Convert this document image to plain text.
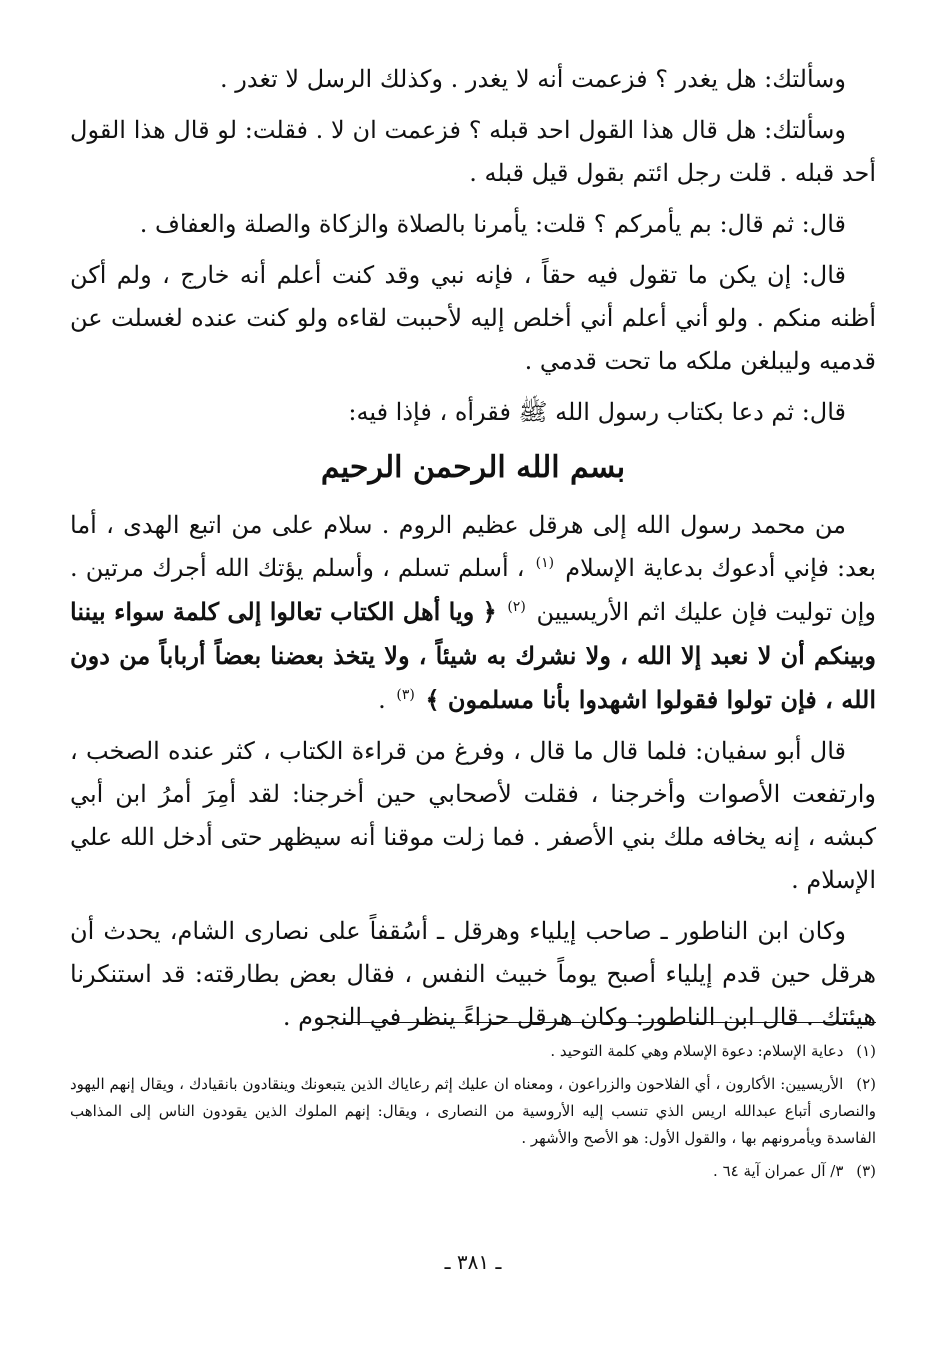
وسألتك: هل يغدر ؟ فزعمت أنه لا يغدر . وكذلك الرسل لا تغدر .

وسألتك: هل قال هذا القول احد قبله ؟ فزعمت ان لا . فقلت: لو قال هذا القول أحد قبله . قلت رجل ائتم بقول قيل قبله .

قال: ثم قال: بم يأمركم ؟ قلت: يأمرنا بالصلاة والزكاة والصلة والعفاف .

قال: إن يكن ما تقول فيه حقاً ، فإنه نبي وقد كنت أعلم أنه خارج ، ولم أكن أظنه منكم . ولو أني أعلم أني أخلص إليه لأحببت لقاءه ولو كنت عنده لغسلت عن قدميه وليبلغن ملكه ما تحت قدمي .

قال: ثم دعا بكتاب رسول الله ﷺ فقرأه ، فإذا فيه:

بسم الله الرحمن الرحيم

من محمد رسول الله إلى هرقل عظيم الروم . سلام على من اتبع الهدى ، أما بعد: فإني أدعوك بدعاية الإسلام $^{(١)}$ ، أسلم تسلم ، وأسلم يؤتك الله أجرك مرتين . وإن توليت فإن عليك اثم الأريسيين $^{(٢)}$ ﴿ ويا أهل الكتاب تعالوا إلى كلمة سواء بيننا وبينكم أن لا نعبد إلا الله ، ولا نشرك به شيئاً ، ولا يتخذ بعضنا بعضاً أرباباً من دون الله ، فإن تولوا فقولوا اشهدوا بأنا مسلمون ﴾ $^{(٣)}$ .

قال أبو سفيان: فلما قال ما قال ، وفرغ من قراءة الكتاب ، كثر عنده الصخب ، وارتفعت الأصوات وأخرجنا ، فقلت لأصحابي حين أخرجنا: لقد أمِرَ أمرُ ابن أبي كبشه ، إنه يخافه ملك بني الأصفر . فما زلت موقنا أنه سيظهر حتى أدخل الله علي الإسلام .

وكان ابن الناطور ـ صاحب إيلياء وهرقل ـ أسُقفاً على نصارى الشام، يحدث أن هرقل حين قدم إيلياء أصبح يوماً خبيث النفس ، فقال بعض بطارقته: قد استنكرنا هيئتك . قال ابن الناطور: وكان هرقل حزاءً ينظر في النجوم .

(١) دعاية الإسلام: دعوة الإسلام وهي كلمة التوحيد .
(٢) الأريسيين: الأكارون ، أي الفلاحون والزراعون ، ومعناه ان عليك إثم رعاياك الذين يتبعونك وينقادون بانقيادك ، ويقال إنهم اليهود والنصارى أتباع عبدالله اريس الذي تنسب إليه الأروسية من النصارى ، ويقال: إنهم الملوك الذين يقودون الناس إلى المذاهب الفاسدة ويأمرونهم بها ، والقول الأول: هو الأصح والأشهر .
(٣) ٣/ آل عمران آية ٦٤ .
ـ ٣٨١ ـ
